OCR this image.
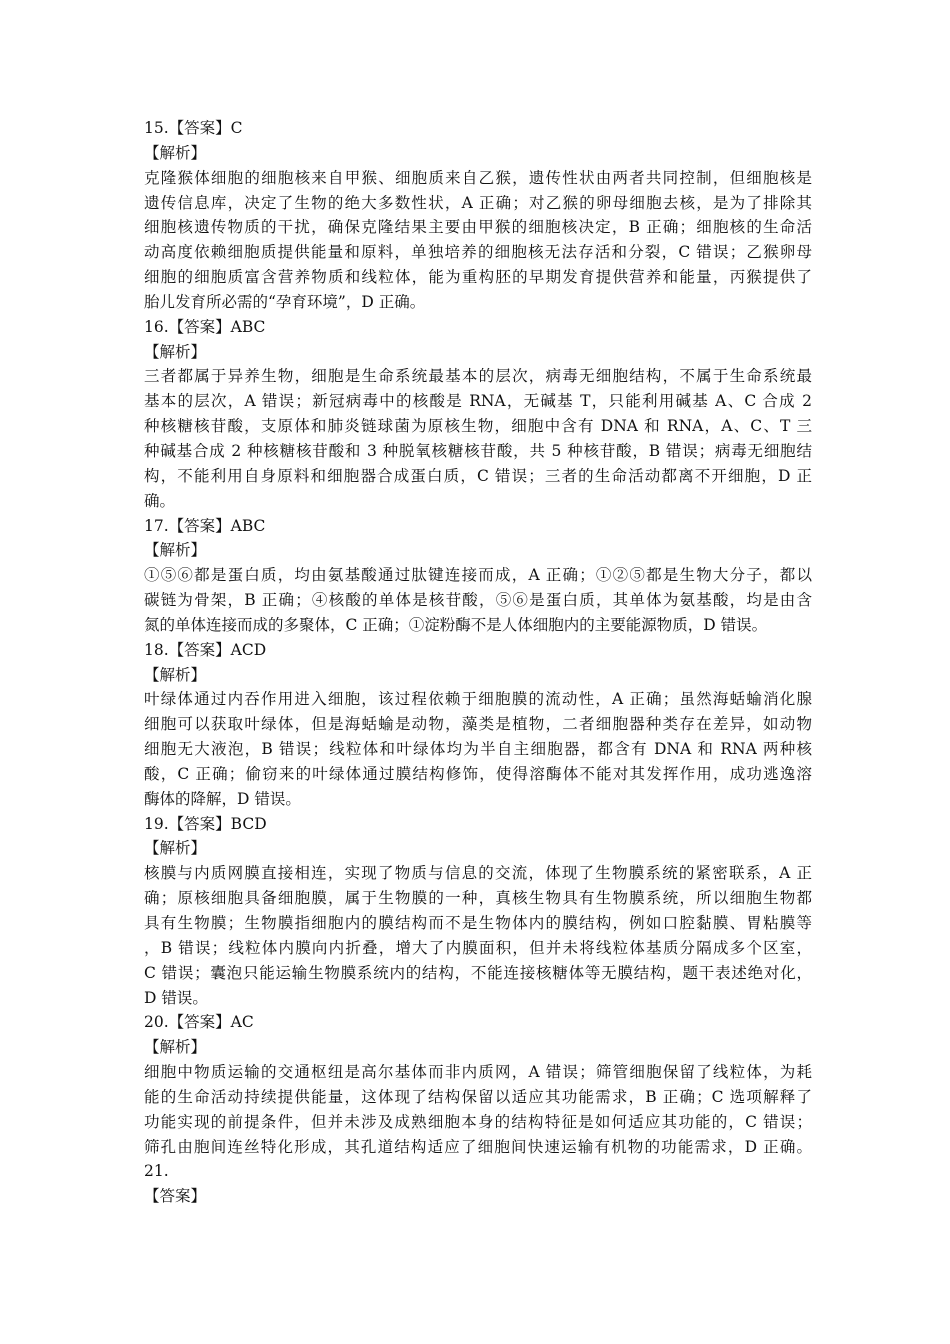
15.【答案】C
【解析】
克隆猴体细胞的细胞核来自甲猴、细胞质来自乙猴，遗传性状由两者共同控制，但细胞核是
遗传信息库，决定了生物的绝大多数性状，A 正确；对乙猴的卵母细胞去核，是为了排除其
细胞核遗传物质的干扰，确保克隆结果主要由甲猴的细胞核决定，B 正确；细胞核的生命活
动高度依赖细胞质提供能量和原料，单独培养的细胞核无法存活和分裂，C 错误；乙猴卵母
细胞的细胞质富含营养物质和线粒体，能为重构胚的早期发育提供营养和能量，丙猴提供了
胎儿发育所必需的“孕育环境”，D 正确。
16.【答案】ABC
【解析】
三者都属于异养生物，细胞是生命系统最基本的层次，病毒无细胞结构，不属于生命系统最
基本的层次，A 错误；新冠病毒中的核酸是 RNA，无碱基 T，只能利用碱基 A、C 合成 2
种核糖核苷酸，支原体和肺炎链球菌为原核生物，细胞中含有 DNA 和 RNA，A、C、T 三
种碱基合成 2 种核糖核苷酸和 3 种脱氧核糖核苷酸，共 5 种核苷酸，B 错误；病毒无细胞结
构，不能利用自身原料和细胞器合成蛋白质，C 错误；三者的生命活动都离不开细胞，D 正
确。
17.【答案】ABC
【解析】
①⑤⑥都是蛋白质，均由氨基酸通过肽键连接而成，A 正确；①②⑤都是生物大分子，都以
碳链为骨架，B 正确；④核酸的单体是核苷酸，⑤⑥是蛋白质，其单体为氨基酸，均是由含
氮的单体连接而成的多聚体，C 正确；①淀粉酶不是人体细胞内的主要能源物质，D 错误。
18.【答案】ACD
【解析】
叶绿体通过内吞作用进入细胞，该过程依赖于细胞膜的流动性，A 正确；虽然海蛞蝓消化腺
细胞可以获取叶绿体，但是海蛞蝓是动物，藻类是植物，二者细胞器种类存在差异，如动物
细胞无大液泡，B 错误；线粒体和叶绿体均为半自主细胞器，都含有 DNA 和 RNA 两种核
酸，C 正确；偷窃来的叶绿体通过膜结构修饰，使得溶酶体不能对其发挥作用，成功逃逸溶
酶体的降解，D 错误。
19.【答案】BCD
【解析】
核膜与内质网膜直接相连，实现了物质与信息的交流，体现了生物膜系统的紧密联系，A 正
确；原核细胞具备细胞膜，属于生物膜的一种，真核生物具有生物膜系统，所以细胞生物都
具有生物膜；生物膜指细胞内的膜结构而不是生物体内的膜结构，例如口腔黏膜、胃粘膜等
，B 错误；线粒体内膜向内折叠，增大了内膜面积，但并未将线粒体基质分隔成多个区室，
C 错误；囊泡只能运输生物膜系统内的结构，不能连接核糖体等无膜结构，题干表述绝对化，
D 错误。
20.【答案】AC
【解析】
细胞中物质运输的交通枢纽是高尔基体而非内质网，A 错误；筛管细胞保留了线粒体，为耗
能的生命活动持续提供能量，这体现了结构保留以适应其功能需求，B 正确；C 选项解释了
功能实现的前提条件，但并未涉及成熟细胞本身的结构特征是如何适应其功能的，C 错误；
筛孔由胞间连丝特化形成，其孔道结构适应了细胞间快速运输有机物的功能需求，D 正确。
21.
【答案】
